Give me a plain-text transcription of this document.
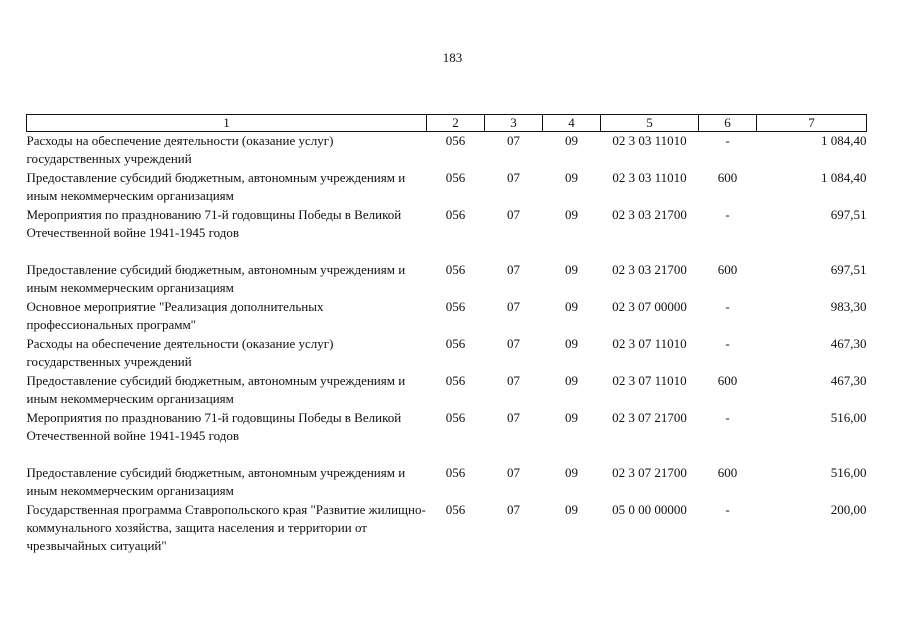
183
1	2	3	4	5	6	7
Расходы на обеспечение деятельности (оказание услуг) государственных учреждений	056	07	09	02 3 03 11010	-	1 084,40
Предоставление субсидий бюджетным, автономным учреждениям и иным некоммерческим организациям	056	07	09	02 3 03 11010	600	1 084,40
Мероприятия по празднованию 71-й годовщины Победы в Великой Отечественной войне 1941-1945 годов	056	07	09	02 3 03 21700	-	697,51
Предоставление субсидий бюджетным, автономным учреждениям и иным некоммерческим организациям	056	07	09	02 3 03 21700	600	697,51
Основное мероприятие "Реализация дополнительных профессиональных программ"	056	07	09	02 3 07 00000	-	983,30
Расходы на обеспечение деятельности (оказание услуг) государственных учреждений	056	07	09	02 3 07 11010	-	467,30
Предоставление субсидий бюджетным, автономным учреждениям и иным некоммерческим организациям	056	07	09	02 3 07 11010	600	467,30
Мероприятия по празднованию 71-й годовщины Победы в Великой Отечественной войне 1941-1945 годов	056	07	09	02 3 07 21700	-	516,00
Предоставление субсидий бюджетным, автономным учреждениям и иным некоммерческим организациям	056	07	09	02 3 07 21700	600	516,00
Государственная программа Ставропольского края "Развитие жилищно-коммунального хозяйства, защита населения и территории от чрезвычайных ситуаций"	056	07	09	05 0 00 00000	-	200,00
